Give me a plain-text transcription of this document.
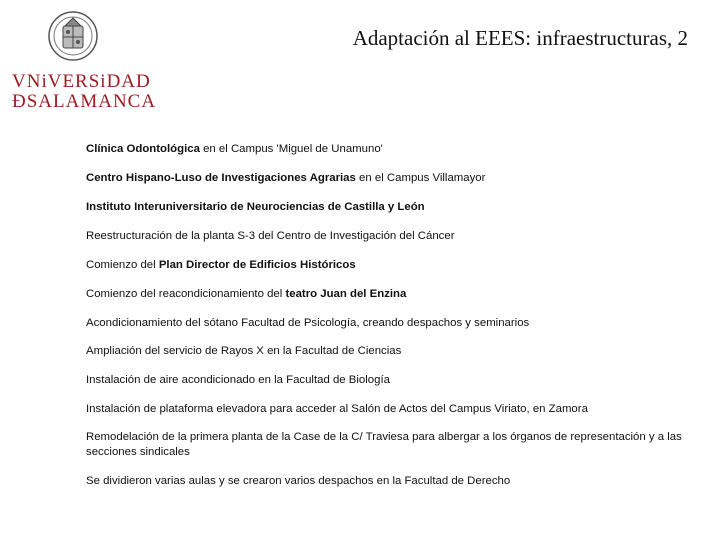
VNiVERSiDAD
ÐSALAMANCA
Adaptación al EEES: infraestructuras, 2

Clínica Odontológica en el Campus 'Miguel de Unamuno'

Centro Hispano-Luso de Investigaciones Agrarias en el Campus Villamayor

Instituto Interuniversitario de Neurociencias de Castilla y León

Reestructuración de la planta S-3 del Centro de Investigación del Cáncer

Comienzo del Plan Director de Edificios Históricos

Comienzo del reacondicionamiento del teatro Juan del Enzina

Acondicionamiento del sótano Facultad de Psicología, creando despachos y seminarios

Ampliación del servicio de Rayos X en la Facultad de Ciencias

Instalación de aire acondicionado en la Facultad de Biología

Instalación de plataforma elevadora para acceder al Salón de Actos del Campus Viriato, en Zamora

Remodelación de la primera planta de la Case de la C/ Traviesa para albergar a los órganos de representación y a las secciones sindicales

Se dividieron varias aulas y se crearon varios despachos en la Facultad de Derecho
